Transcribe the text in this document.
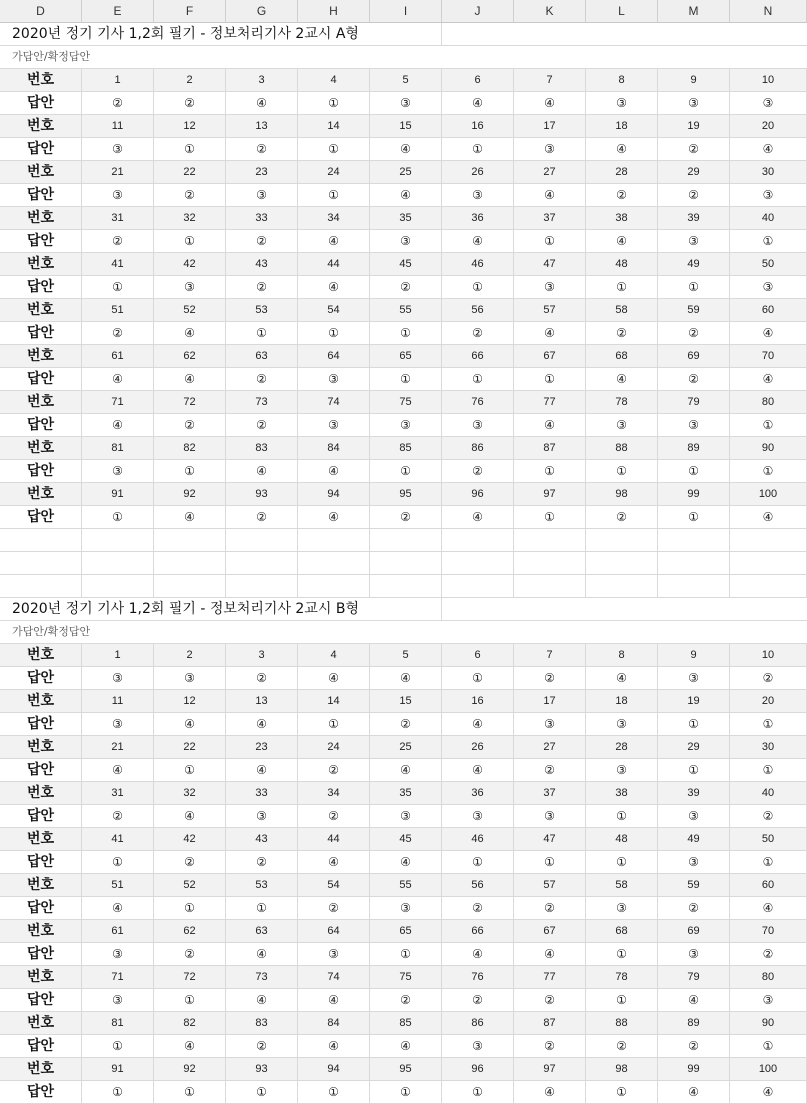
D	E	F	G	H	I	J	K	L	M	N
2020년 정기 기사 1,2회 필기 - 정보처리기사 2교시 A형
가답안/확정답안
번호	1	2	3	4	5	6	7	8	9	10
답안	②	②	④	①	③	④	④	③	③	③
번호	11	12	13	14	15	16	17	18	19	20
답안	③	①	②	①	④	①	③	④	②	④
번호	21	22	23	24	25	26	27	28	29	30
답안	③	②	③	①	④	③	④	②	②	③
번호	31	32	33	34	35	36	37	38	39	40
답안	②	①	②	④	③	④	①	④	③	①
번호	41	42	43	44	45	46	47	48	49	50
답안	①	③	②	④	②	①	③	①	①	③
번호	51	52	53	54	55	56	57	58	59	60
답안	②	④	①	①	①	②	④	②	②	④
번호	61	62	63	64	65	66	67	68	69	70
답안	④	④	②	③	①	①	①	④	②	④
번호	71	72	73	74	75	76	77	78	79	80
답안	④	②	②	③	③	③	④	③	③	①
번호	81	82	83	84	85	86	87	88	89	90
답안	③	①	④	④	①	②	①	①	①	①
번호	91	92	93	94	95	96	97	98	99	100
답안	①	④	②	④	②	④	①	②	①	④
2020년 정기 기사 1,2회 필기 - 정보처리기사 2교시 B형
가답안/확정답안
번호	1	2	3	4	5	6	7	8	9	10
답안	③	③	②	④	④	①	②	④	③	②
번호	11	12	13	14	15	16	17	18	19	20
답안	③	④	④	①	②	④	③	③	①	①
번호	21	22	23	24	25	26	27	28	29	30
답안	④	①	④	②	④	④	②	③	①	①
번호	31	32	33	34	35	36	37	38	39	40
답안	②	④	③	②	③	③	③	①	③	②
번호	41	42	43	44	45	46	47	48	49	50
답안	①	②	②	④	④	①	①	①	③	①
번호	51	52	53	54	55	56	57	58	59	60
답안	④	①	①	②	③	②	②	③	②	④
번호	61	62	63	64	65	66	67	68	69	70
답안	③	②	④	③	①	④	④	①	③	②
번호	71	72	73	74	75	76	77	78	79	80
답안	③	①	④	④	②	②	②	①	④	③
번호	81	82	83	84	85	86	87	88	89	90
답안	①	④	②	④	④	③	②	②	②	①
번호	91	92	93	94	95	96	97	98	99	100
답안	①	①	①	①	①	①	④	①	④	④
